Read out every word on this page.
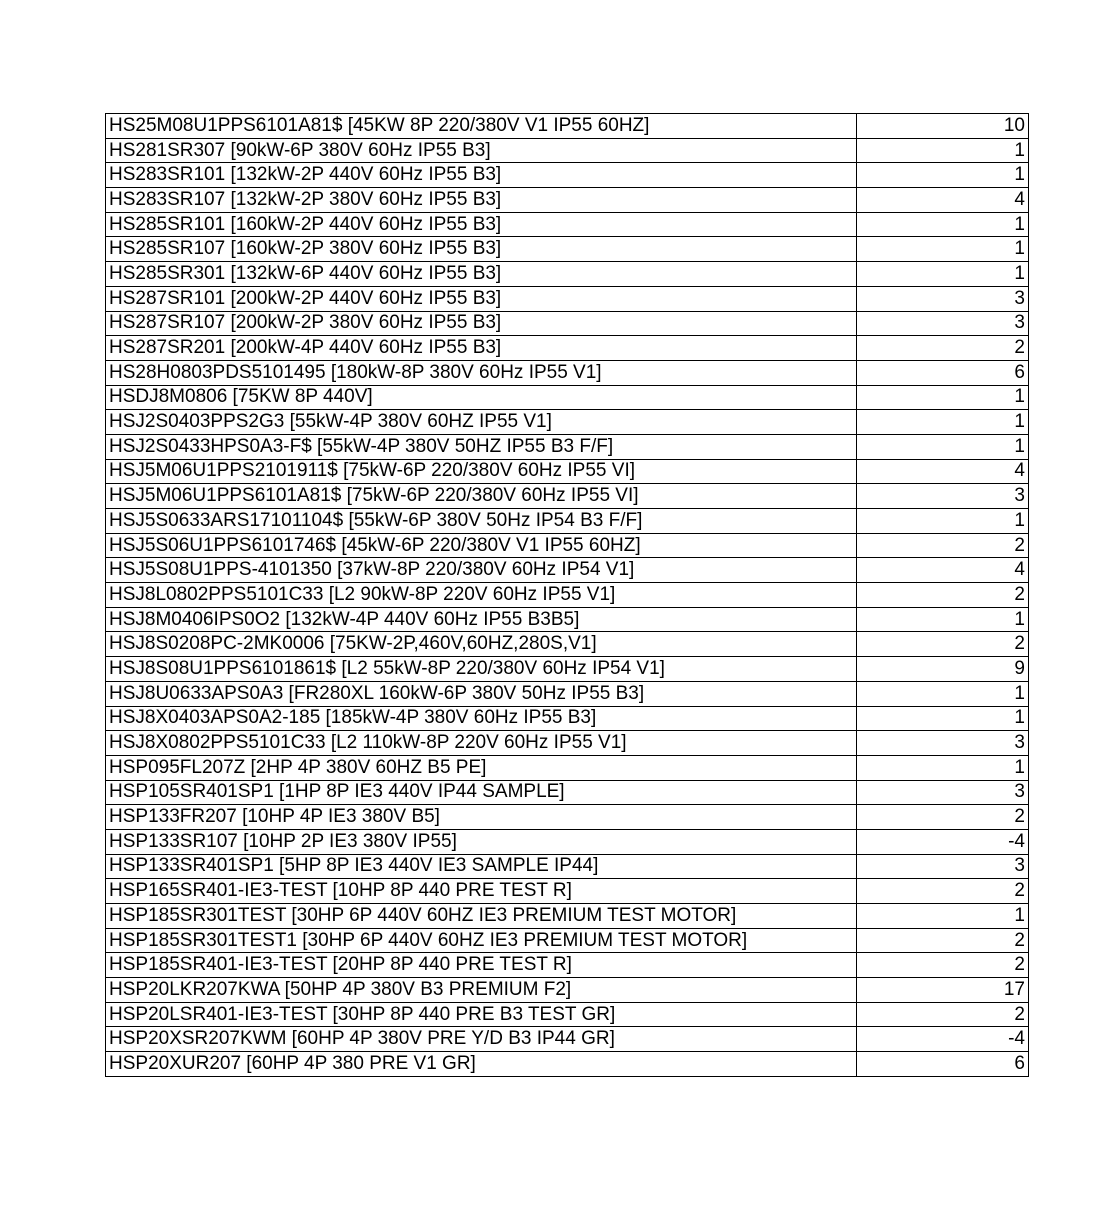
HS25M08U1PPS6101A81$ [45KW 8P 220/380V V1 IP55 60HZ]	10
HS281SR307 [90kW-6P 380V 60Hz IP55 B3]	1
HS283SR101 [132kW-2P 440V 60Hz IP55 B3]	1
HS283SR107 [132kW-2P 380V 60Hz IP55 B3]	4
HS285SR101 [160kW-2P 440V 60Hz IP55 B3]	1
HS285SR107 [160kW-2P 380V 60Hz IP55 B3]	1
HS285SR301 [132kW-6P 440V 60Hz IP55 B3]	1
HS287SR101 [200kW-2P 440V 60Hz IP55 B3]	3
HS287SR107 [200kW-2P 380V 60Hz IP55 B3]	3
HS287SR201 [200kW-4P 440V 60Hz IP55 B3]	2
HS28H0803PDS5101495 [180kW-8P 380V 60Hz IP55 V1]	6
HSDJ8M0806 [75KW 8P 440V]	1
HSJ2S0403PPS2G3 [55kW-4P 380V 60HZ IP55 V1]	1
HSJ2S0433HPS0A3-F$ [55kW-4P 380V 50HZ IP55 B3 F/F]	1
HSJ5M06U1PPS2101911$ [75kW-6P 220/380V 60Hz IP55 VI]	4
HSJ5M06U1PPS6101A81$ [75kW-6P 220/380V 60Hz IP55 VI]	3
HSJ5S0633ARS17101104$ [55kW-6P 380V 50Hz IP54 B3 F/F]	1
HSJ5S06U1PPS6101746$ [45kW-6P 220/380V V1 IP55 60HZ]	2
HSJ5S08U1PPS-4101350 [37kW-8P 220/380V 60Hz IP54 V1]	4
HSJ8L0802PPS5101C33 [L2 90kW-8P 220V 60Hz IP55 V1]	2
HSJ8M0406IPS0O2 [132kW-4P 440V 60Hz IP55 B3B5]	1
HSJ8S0208PC-2MK0006 [75KW-2P,460V,60HZ,280S,V1]	2
HSJ8S08U1PPS6101861$ [L2 55kW-8P 220/380V 60Hz IP54 V1]	9
HSJ8U0633APS0A3 [FR280XL 160kW-6P 380V 50Hz IP55 B3]	1
HSJ8X0403APS0A2-185 [185kW-4P 380V 60Hz IP55 B3]	1
HSJ8X0802PPS5101C33 [L2 110kW-8P 220V 60Hz IP55 V1]	3
HSP095FL207Z [2HP 4P 380V 60HZ B5 PE]	1
HSP105SR401SP1 [1HP 8P IE3 440V IP44 SAMPLE]	3
HSP133FR207 [10HP 4P IE3 380V B5]	2
HSP133SR107 [10HP 2P IE3 380V IP55]	-4
HSP133SR401SP1 [5HP 8P IE3 440V IE3 SAMPLE IP44]	3
HSP165SR401-IE3-TEST [10HP 8P 440 PRE TEST R]	2
HSP185SR301TEST [30HP 6P 440V 60HZ IE3 PREMIUM TEST MOTOR]	1
HSP185SR301TEST1 [30HP 6P 440V 60HZ IE3 PREMIUM TEST MOTOR]	2
HSP185SR401-IE3-TEST [20HP 8P 440 PRE TEST R]	2
HSP20LKR207KWA [50HP 4P 380V B3 PREMIUM F2]	17
HSP20LSR401-IE3-TEST [30HP 8P 440 PRE B3 TEST GR]	2
HSP20XSR207KWM [60HP 4P 380V PRE Y/D B3 IP44 GR]	-4
HSP20XUR207 [60HP 4P 380 PRE V1 GR]	6
